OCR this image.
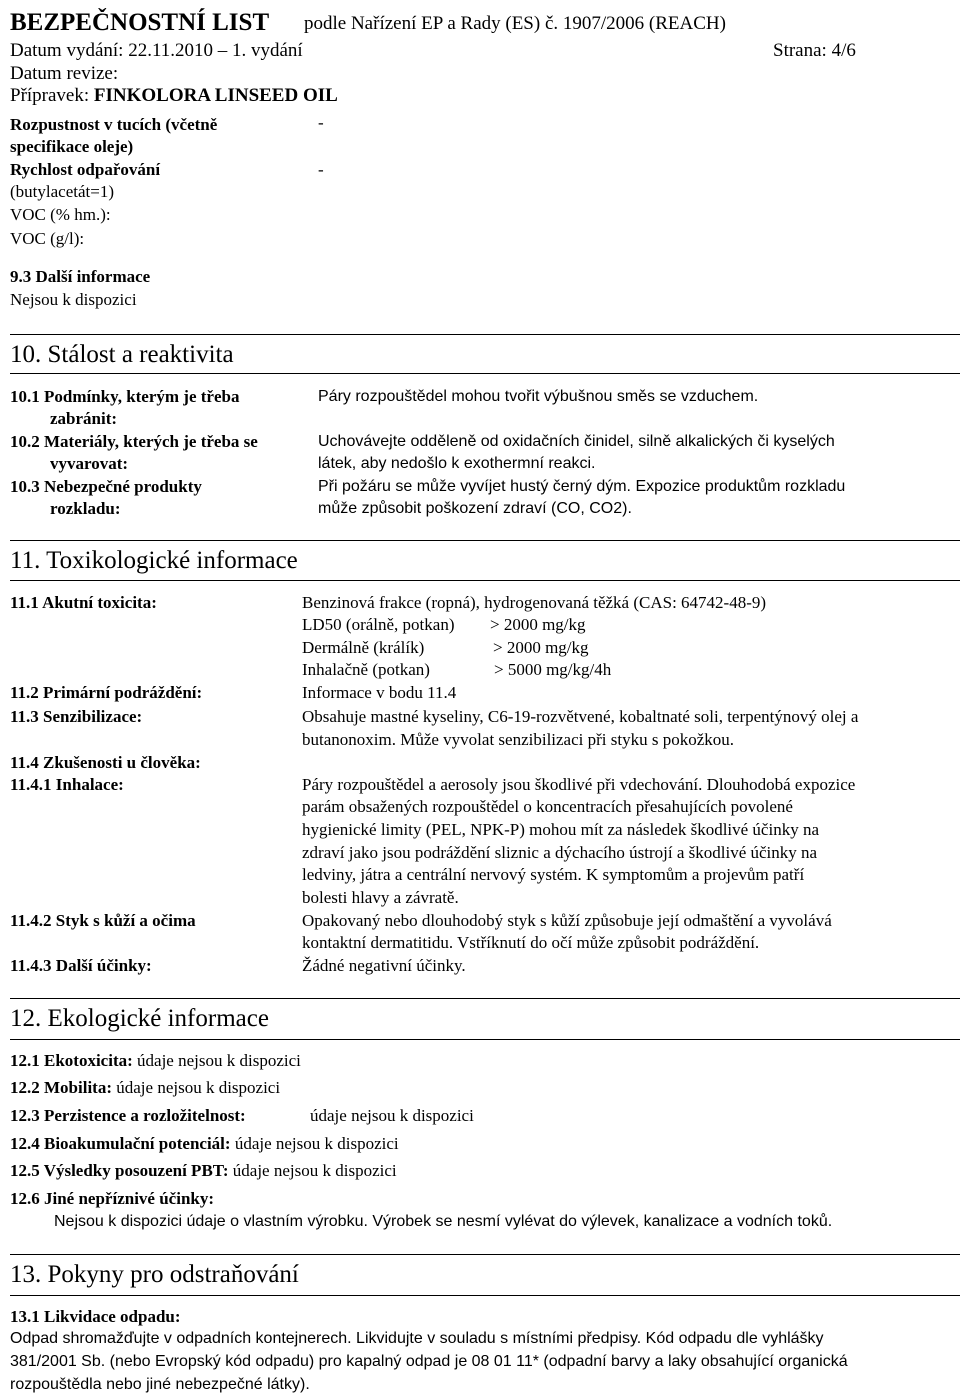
BEZPEČNOSTNÍ LIST podle Nařízení EP a Rady (ES) č. 1907/2006 (REACH)
Datum vydání: 22.11.2010 – 1. vydání	Strana: 4/6
Datum revize:
Přípravek: FINKOLORA LINSEED OIL
Rozpustnost v tucích (včetně
specifikace oleje)
-
Rychlost odpařování
(butylacetát=1)
-
VOC (% hm.):
VOC (g/l):
9.3 Další informace
Nejsou k dispozici
10. Stálost a reaktivita
10.1 Podmínky, kterým je třeba
zabránit:
Páry rozpouštědel mohou tvořit výbušnou směs se vzduchem.
10.2 Materiály, kterých je třeba se
vyvarovat:
Uchovávejte odděleně od oxidačních činidel, silně alkalických či kyselých
látek, aby nedošlo k exothermní reakci.
10.3 Nebezpečné produkty
rozkladu:
Při požáru se může vyvíjet hustý černý dým. Expozice produktům rozkladu
může způsobit poškození zdraví (CO, CO2).
11. Toxikologické informace
11.1 Akutní toxicita:	Benzinová frakce (ropná), hydrogenovaná těžká (CAS: 64742-48-9)
LD50 (orálně, potkan) > 2000 mg/kg
Dermálně (králík)	> 2000 mg/kg
Inhalačně (potkan)	> 5000 mg/kg/4h
11.2 Primární podráždění:	Informace v bodu 11.4
11.3 Senzibilizace:	Obsahuje mastné kyseliny, C6-19-rozvětvené, kobaltnaté soli, terpentýnový olej a
butanonoxim. Může vyvolat senzibilizaci při styku s pokožkou.
11.4 Zkušenosti u člověka:
11.4.1 Inhalace:	Páry rozpouštědel a aerosoly jsou škodlivé při vdechování. Dlouhodobá expozice
parám obsažených rozpouštědel o koncentracích přesahujících povolené
hygienické limity (PEL, NPK-P) mohou mít za následek škodlivé účinky na
zdraví jako jsou podráždění sliznic a dýchacího ústrojí a škodlivé účinky na
ledviny, játra a centrální nervový systém. K symptomům a projevům patří
bolesti hlavy a závratě.
11.4.2 Styk s kůží a očima	Opakovaný nebo dlouhodobý styk s kůží způsobuje její odmaštění a vyvolává
kontaktní dermatitidu. Vstříknutí do očí může způsobit podráždění.
11.4.3 Další účinky:	Žádné negativní účinky.
12. Ekologické informace
12.1 Ekotoxicita: údaje nejsou k dispozici
12.2 Mobilita: údaje nejsou k dispozici
12.3 Perzistence a rozložitelnost:	údaje nejsou k dispozici
12.4 Bioakumulační potenciál: údaje nejsou k dispozici
12.5 Výsledky posouzení PBT: údaje nejsou k dispozici
12.6 Jiné nepříznivé účinky:
Nejsou k dispozici údaje o vlastním výrobku. Výrobek se nesmí vylévat do výlevek, kanalizace a vodních toků.
13. Pokyny pro odstraňování
13.1 Likvidace odpadu:
Odpad shromažďujte v odpadních kontejnerech. Likvidujte v souladu s místními předpisy. Kód odpadu dle vyhlášky
381/2001 Sb. (nebo Evropský kód odpadu) pro kapalný odpad je 08 01 11* (odpadní barvy a laky obsahující organická
rozpouštědla nebo jiné nebezpečné látky).
